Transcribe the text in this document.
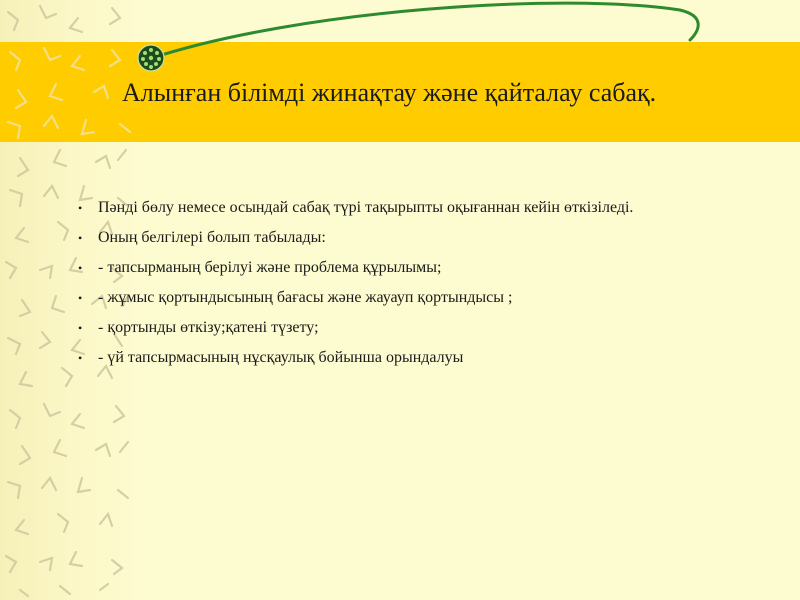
Алынған білімді жинақтау және қайталау сабақ.
• Пәнді бөлу немесе осындай сабақ түрі тақырыпты оқығаннан кейін өткізіледі.
• Оның белгілері болып табылады:
• - тапсырманың берілуі және проблема құрылымы;
• - жұмыс қортындысының бағасы және жауауп қортындысы ;
• - қортынды өткізу;қатені түзету;
• - үй тапсырмасының нұсқаулық бойынша орындалуы
